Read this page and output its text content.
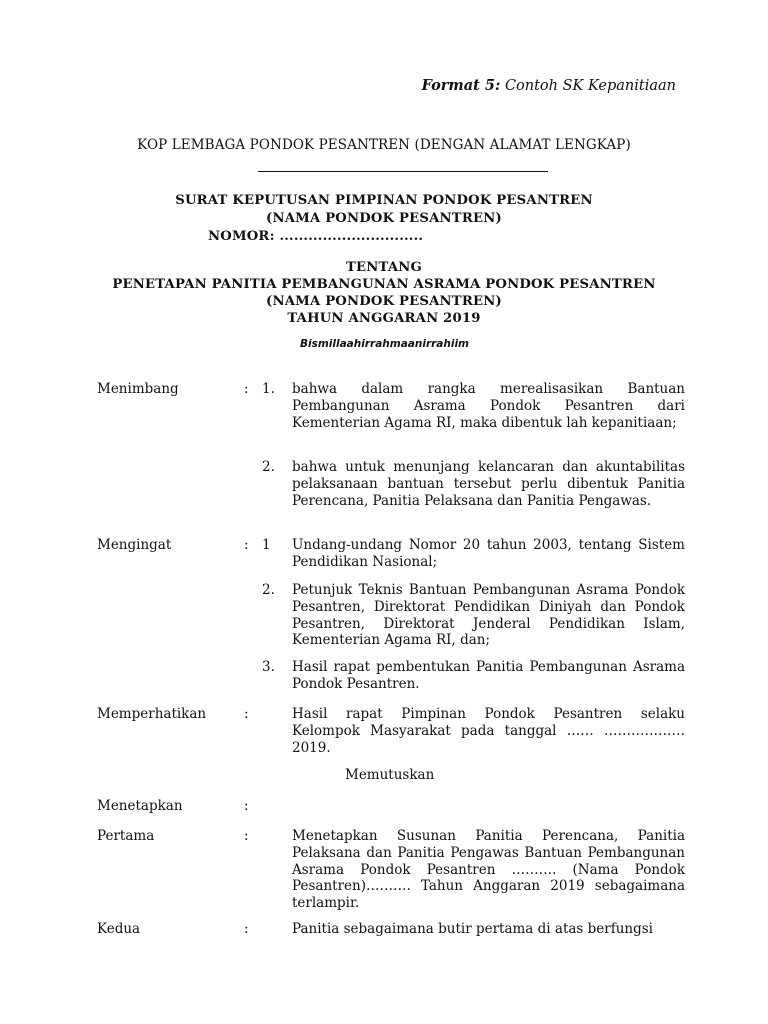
Format 5: Contoh SK Kepanitiaan
KOP LEMBAGA PONDOK PESANTREN (DENGAN ALAMAT LENGKAP)
SURAT KEPUTUSAN PIMPINAN PONDOK PESANTREN
(NAMA PONDOK PESANTREN)
NOMOR: ..............................
TENTANG
PENETAPAN PANITIA PEMBANGUNAN ASRAMA PONDOK PESANTREN
(NAMA PONDOK PESANTREN)
TAHUN ANGGARAN 2019
Bismillaahirrahmaanirrahiim
Menimbang	: 1. bahwa dalam rangka merealisasikan Bantuan Pembangunan Asrama Pondok Pesantren dari Kementerian Agama RI, maka dibentuk lah kepanitiaan;
2. bahwa untuk menunjang kelancaran dan akuntabilitas pelaksanaan bantuan tersebut perlu dibentuk Panitia Perencana, Panitia Pelaksana dan Panitia Pengawas.
Mengingat	: 1 Undang-undang Nomor 20 tahun 2003, tentang Sistem Pendidikan Nasional;
2. Petunjuk Teknis Bantuan Pembangunan Asrama Pondok Pesantren, Direktorat Pendidikan Diniyah dan Pondok Pesantren, Direktorat Jenderal Pendidikan Islam, Kementerian Agama RI, dan;
3. Hasil rapat pembentukan Panitia Pembangunan Asrama Pondok Pesantren.
Memperhatikan	:	Hasil rapat Pimpinan Pondok Pesantren selaku Kelompok Masyarakat pada tanggal …… ………………2019.
Memutuskan
Menetapkan	:
Pertama	:	Menetapkan Susunan Panitia Perencana, Panitia Pelaksana dan Panitia Pengawas Bantuan Pembangunan Asrama Pondok Pesantren ………. (Nama Pondok Pesantren)………. Tahun Anggaran 2019 sebagaimana terlampir.
Kedua	:	Panitia sebagaimana butir pertama di atas berfungsi
